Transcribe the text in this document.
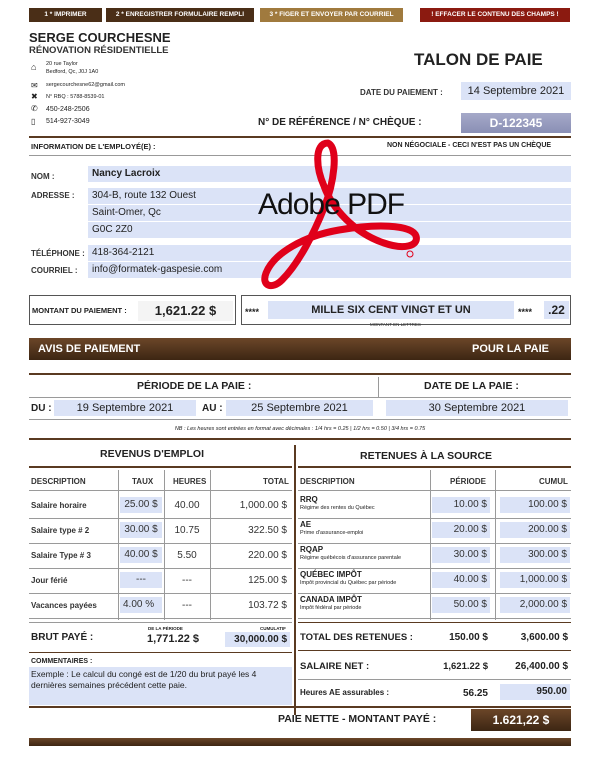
1 * IMPRIMER	2 * ENREGISTRER FORMULAIRE REMPLI	3 * FIGER ET ENVOYER PAR COURRIEL	! EFFACER LE CONTENU DES CHAMPS !
SERGE COURCHESNE
RÉNOVATION RÉSIDENTIELLE
⌂ 20 rue Taylor
Bedford, Qc, J0J 1A0
✉ sergecourchesne62@gmail.com
✖ N° RBQ : 5788-8539-01
✆ 450-248-2506
▯ 514-927-3049
TALON DE PAIE
DATE DU PAIEMENT :	14 Septembre 2021
N° DE RÉFÉRENCE / N° CHÈQUE :	D-122345
INFORMATION DE L'EMPLOYÉ(E) :	NON NÉGOCIALE - CECI N'EST PAS UN CHÈQUE
NOM :	Nancy Lacroix
ADRESSE :	304-B, route 132 Ouest
Saint-Omer, Qc
G0C 2Z0
TÉLÉPHONE : 418-364-2121
COURRIEL :	info@formatek-gaspesie.com
Adobe PDF
MONTANT DU PAIEMENT :	1,621.22 $	****	MILLE SIX CENT VINGT ET UN	****	.22
MONTANT EN LETTRES
AVIS DE PAIEMENT	POUR LA PAIE
PÉRIODE DE LA PAIE :	DATE DE LA PAIE :
DU :	19 Septembre 2021	AU :	25 Septembre 2021	30 Septembre 2021
NB : Les heures sont entrées en format avec décimales : 1/4 hrs = 0.25 | 1/2 hrs = 0.50 | 3/4 hrs = 0.75
REVENUS D'EMPLOI	RETENUES À LA SOURCE
DESCRIPTION	TAUX HEURES	TOTAL
Salaire horaire	25.00 $	40.00	1,000.00 $
Salaire type # 2	30.00 $	10.75	322.50 $
Salaire Type # 3	40.00 $	5.50	220.00 $
Jour férié	---	---	125.00 $
Vacances payées	4.00 %	---	103.72 $
DESCRIPTION	PÉRIODE	CUMUL
RRQ
Régime des rentes du Québec	10.00 $	100.00 $
AE
Prime d'assurance-emploi	20.00 $	200.00 $
RQAP
Régime québécois d'assurance parentale	30.00 $	300.00 $
QUÉBEC IMPÔT
Impôt provincial du Québec par période	40.00 $	1,000.00 $
CANADA IMPÔT
Impôt fédéral par période	50.00 $	2,000.00 $
BRUT PAYÉ :
DE LA PÉRIODE
1,771.22 $
CUMULATIF
30,000.00 $
COMMENTAIRES :
Exemple : Le calcul du congé est de 1/20 du brut payé les 4 dernières semaines précédent cette paie.
TOTAL DES RETENUES :	150.00 $	3,600.00 $
SALAIRE NET :	1,621.22 $	26,400.00 $
Heures AE assurables :	56.25	950.00
PAIE NETTE - MONTANT PAYÉ :	1.621,22 $
